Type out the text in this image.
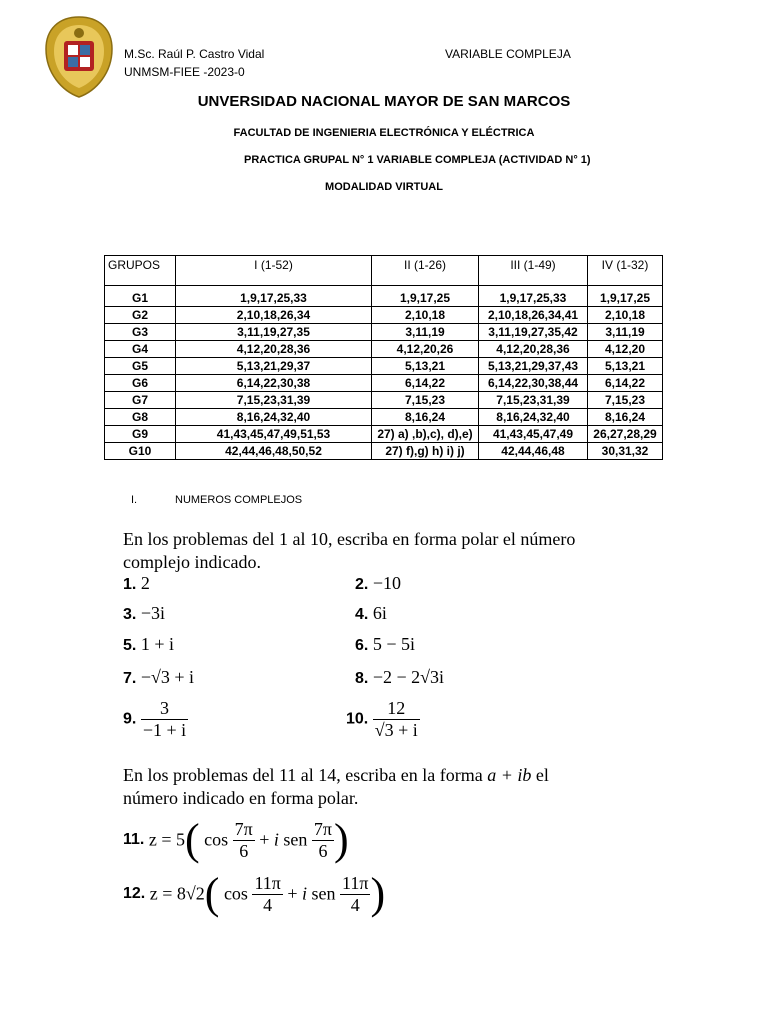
M.Sc. Raúl P. Castro Vidal
UNMSM-FIEE -2023-0
VARIABLE COMPLEJA
UNVERSIDAD NACIONAL MAYOR DE SAN MARCOS
FACULTAD DE INGENIERIA ELECTRÓNICA Y ELÉCTRICA
PRACTICA GRUPAL N° 1 VARIABLE COMPLEJA (ACTIVIDAD N° 1)
MODALIDAD VIRTUAL
GRUPOS	I (1-52)	II (1-26)	III (1-49)	IV (1-32)
G1	1,9,17,25,33	1,9,17,25	1,9,17,25,33	1,9,17,25
G2	2,10,18,26,34	2,10,18	2,10,18,26,34,41	2,10,18
G3	3,11,19,27,35	3,11,19	3,11,19,27,35,42	3,11,19
G4	4,12,20,28,36	4,12,20,26	4,12,20,28,36	4,12,20
G5	5,13,21,29,37	5,13,21	5,13,21,29,37,43	5,13,21
G6	6,14,22,30,38	6,14,22	6,14,22,30,38,44	6,14,22
G7	7,15,23,31,39	7,15,23	7,15,23,31,39	7,15,23
G8	8,16,24,32,40	8,16,24	8,16,24,32,40	8,16,24
G9	41,43,45,47,49,51,53	27) a) ,b),c), d),e)	41,43,45,47,49	26,27,28,29
G10	42,44,46,48,50,52	27) f),g) h) i) j)	42,44,46,48	30,31,32
I.	NUMEROS COMPLEJOS
En los problemas del 1 al 10, escriba en forma polar el número complejo indicado.
1. 2	2. −10
3. −3i	4. 6i
5. 1 + i	6. 5 − 5i
7. −√3 + i	8. −2 − 2√3i
9. $\frac{3}{-1 + i}$	10. $\frac{12}{√3 + i}$
En los problemas del 11 al 14, escriba en la forma a + ib el número indicado en forma polar.
11. z = 5( $\cos \frac{7\pi}{6} + i$ sen $\frac{7\pi}{6}$ )
12. z = 8√2( $\cos \frac{11\pi}{4} + i$ sen $\frac{11\pi}{4}$ )
